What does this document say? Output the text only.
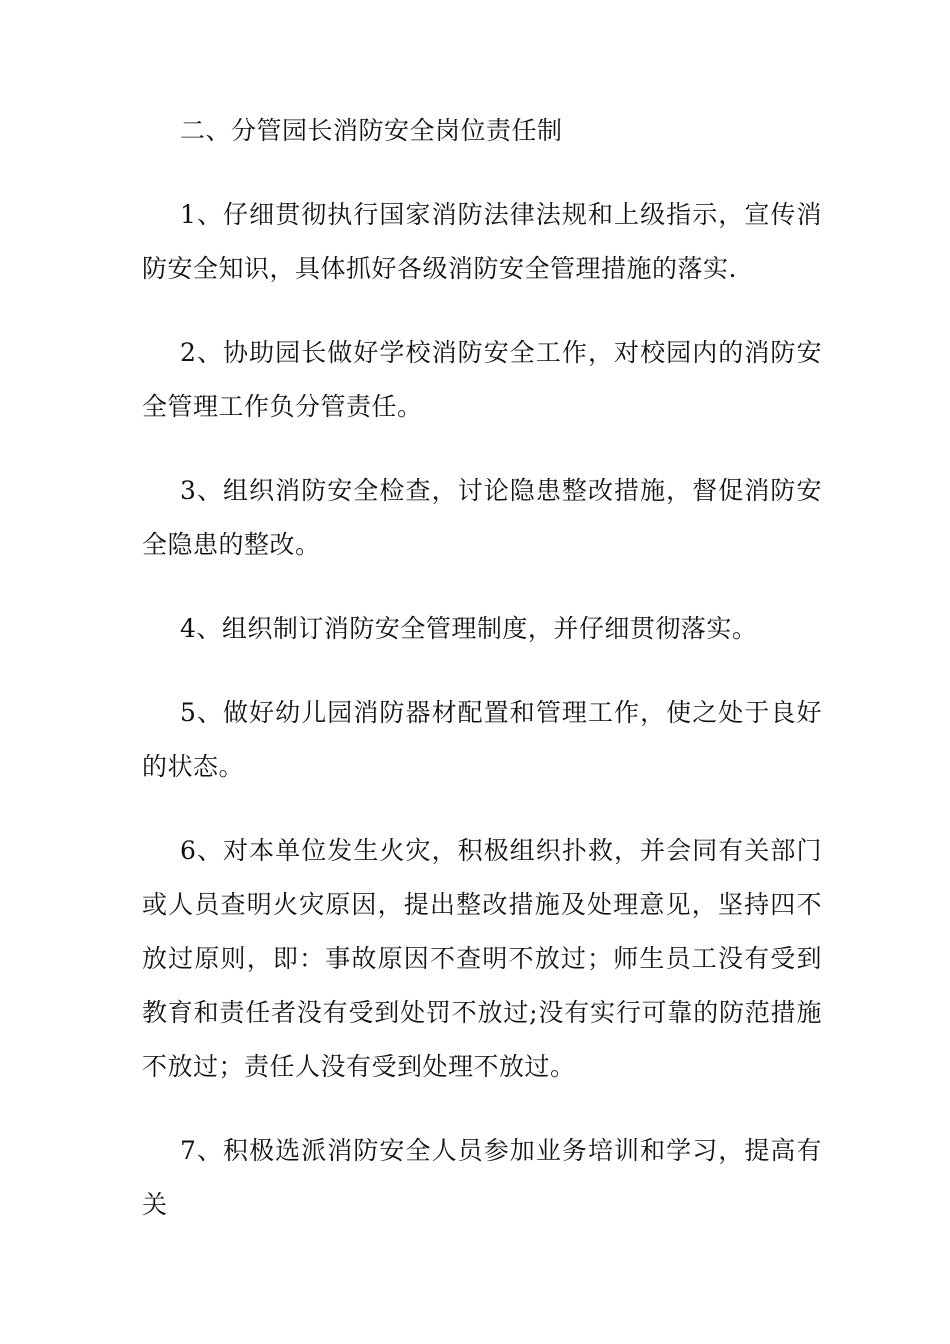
二、分管园长消防安全岗位责任制

1、仔细贯彻执行国家消防法律法规和上级指示，宣传消防安全知识，具体抓好各级消防安全管理措施的落实.

2、协助园长做好学校消防安全工作，对校园内的消防安全管理工作负分管责任。

3、组织消防安全检查，讨论隐患整改措施，督促消防安全隐患的整改。

4、组织制订消防安全管理制度，并仔细贯彻落实。

5、做好幼儿园消防器材配置和管理工作，使之处于良好的状态。

6、对本单位发生火灾，积极组织扑救，并会同有关部门或人员查明火灾原因，提出整改措施及处理意见，坚持四不放过原则，即：事故原因不查明不放过；师生员工没有受到教育和责任者没有受到处罚不放过;没有实行可靠的防范措施不放过；责任人没有受到处理不放过。

7、积极选派消防安全人员参加业务培训和学习，提高有关
